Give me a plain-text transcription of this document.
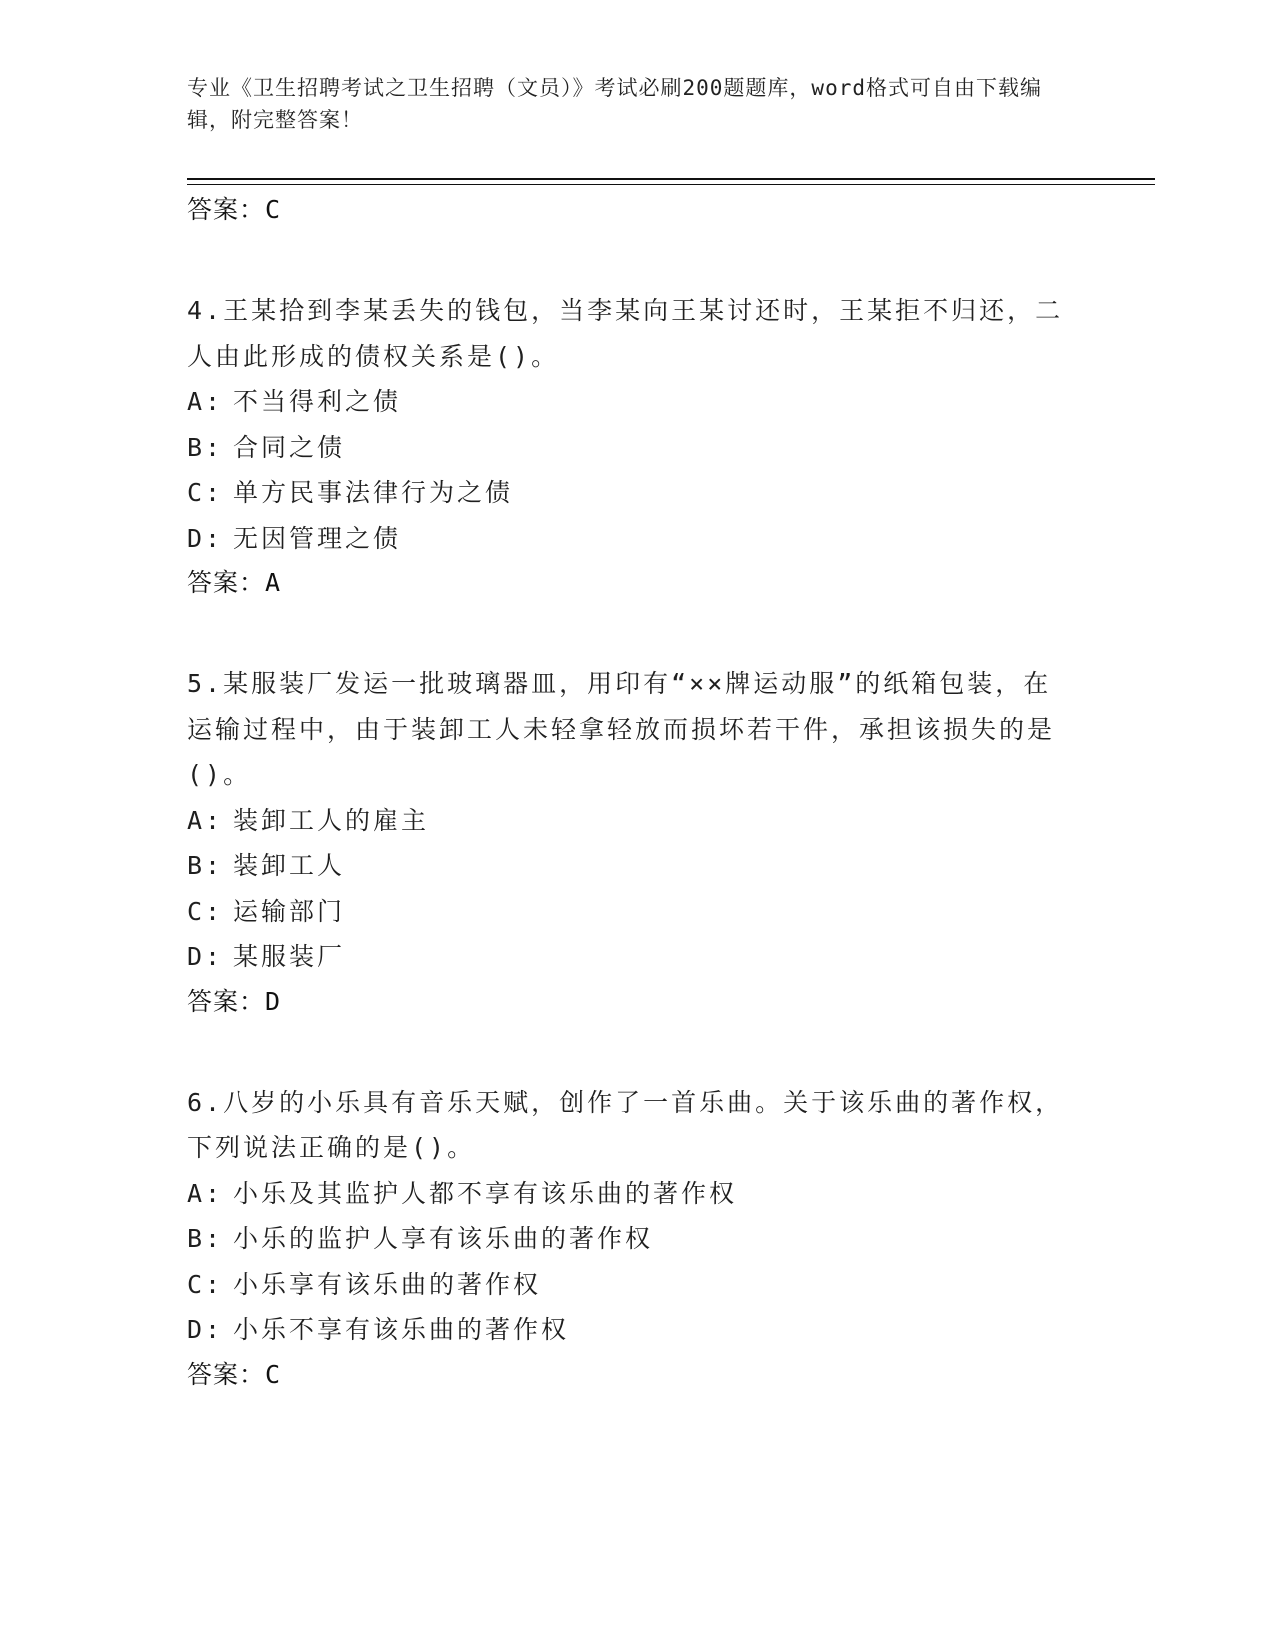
专业《卫生招聘考试之卫生招聘（文员）》考试必刷200题题库，word格式可自由下载编辑，附完整答案！
答案：C
4.王某拾到李某丢失的钱包，当李某向王某讨还时，王某拒不归还，二人由此形成的债权关系是()。
A: 不当得利之债
B: 合同之债
C: 单方民事法律行为之债
D: 无因管理之债
答案：A
5.某服装厂发运一批玻璃器皿，用印有“××牌运动服”的纸箱包装，在运输过程中，由于装卸工人未轻拿轻放而损坏若干件，承担该损失的是()。
A: 装卸工人的雇主
B: 装卸工人
C: 运输部门
D: 某服装厂
答案：D
6.八岁的小乐具有音乐天赋，创作了一首乐曲。关于该乐曲的著作权，下列说法正确的是()。
A: 小乐及其监护人都不享有该乐曲的著作权
B: 小乐的监护人享有该乐曲的著作权
C: 小乐享有该乐曲的著作权
D: 小乐不享有该乐曲的著作权
答案：C
